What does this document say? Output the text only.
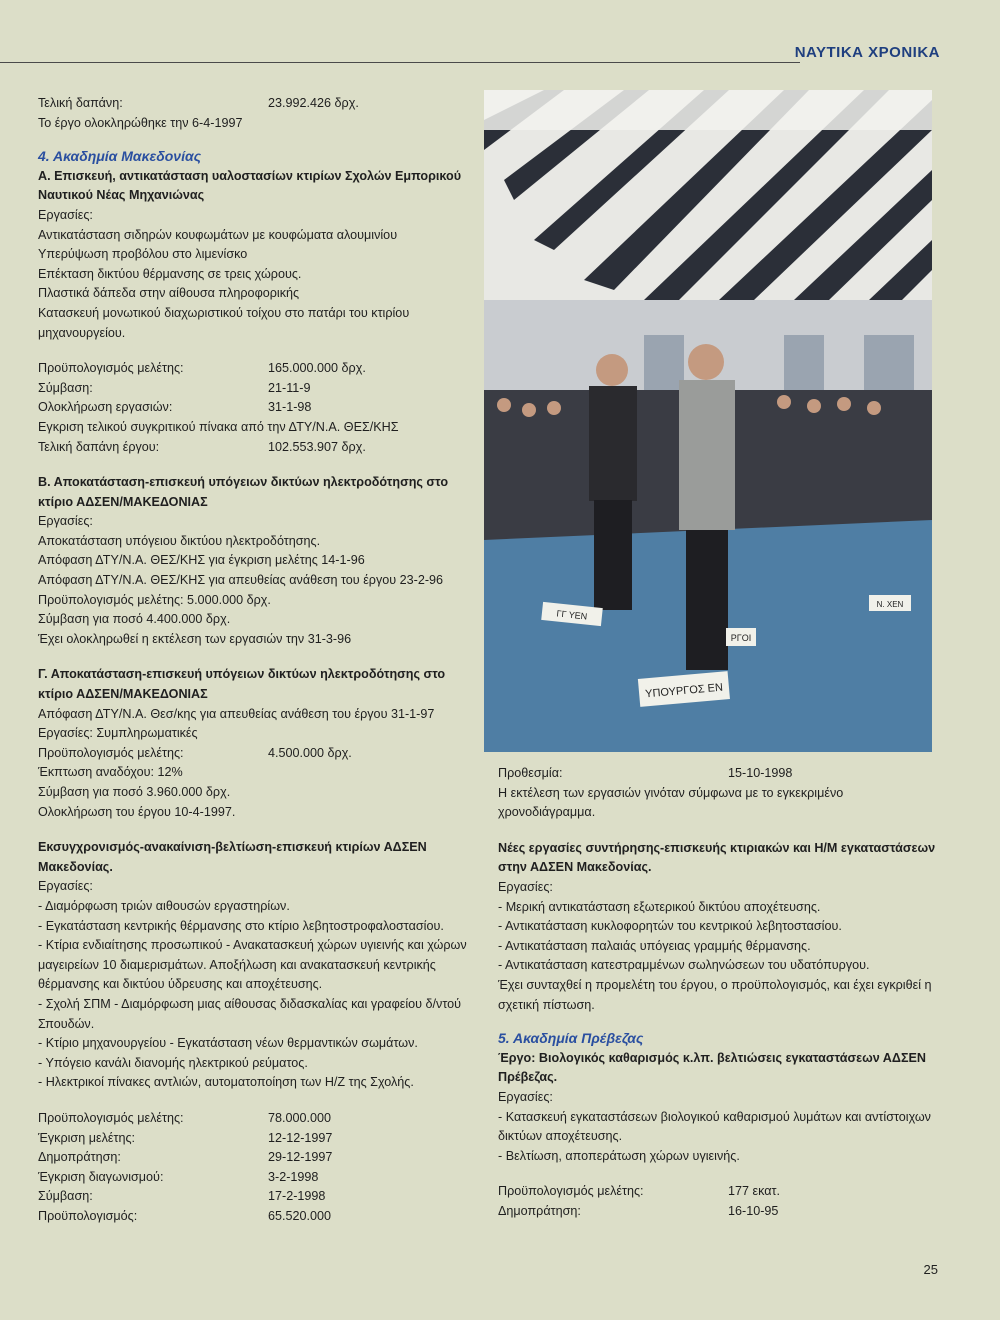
ΝΑΥΤΙΚΑ ΧΡΟΝΙΚΑ
Τελική δαπάνη:	23.992.426 δρχ.
Το έργο ολοκληρώθηκε την 6-4-1997
4. Ακαδημία Μακεδονίας
Α. Επισκευή, αντικατάσταση υαλοστασίων κτιρίων Σχολών Εμπορικού Ναυτικού Νέας Μηχανιώνας
Εργασίες:
Αντικατάσταση σιδηρών κουφωμάτων με κουφώματα αλουμινίου
Υπερύψωση προβόλου στο λιμενίσκο
Επέκταση δικτύου θέρμανσης σε τρεις χώρους.
Πλαστικά δάπεδα στην αίθουσα πληροφορικής
Κατασκευή μονωτικού διαχωριστικού τοίχου στο πατάρι του κτιρίου μηχανουργείου.
Προϋπολογισμός μελέτης:	165.000.000 δρχ.
Σύμβαση:	21-11-9
Ολοκλήρωση εργασιών:	31-1-98
Εγκριση τελικού συγκριτικού πίνακα από την ΔΤΥ/Ν.Α. ΘΕΣ/ΚΗΣ
Τελική δαπάνη έργου:	102.553.907 δρχ.
Β. Αποκατάσταση-επισκευή υπόγειων δικτύων ηλεκτροδότησης στο κτίριο ΑΔΣΕΝ/ΜΑΚΕΔΟΝΙΑΣ
Εργασίες:
Αποκατάσταση υπόγειου δικτύου ηλεκτροδότησης.
Απόφαση ΔΤΥ/Ν.Α. ΘΕΣ/ΚΗΣ για έγκριση μελέτης 14-1-96
Απόφαση ΔΤΥ/Ν.Α. ΘΕΣ/ΚΗΣ για απευθείας ανάθεση του έργου 23-2-96
Προϋπολογισμός μελέτης: 5.000.000 δρχ.
Σύμβαση για ποσό 4.400.000 δρχ.
Έχει ολοκληρωθεί η εκτέλεση των εργασιών την 31-3-96
Γ. Αποκατάσταση-επισκευή υπόγειων δικτύων ηλεκτροδότησης στο κτίριο ΑΔΣΕΝ/ΜΑΚΕΔΟΝΙΑΣ
Απόφαση ΔΤΥ/Ν.Α. Θεσ/κης για απευθείας ανάθεση του έργου 31-1-97
Εργασίες: Συμπληρωματικές
Προϋπολογισμός μελέτης:	4.500.000 δρχ.
Έκπτωση αναδόχου: 12%
Σύμβαση για ποσό 3.960.000 δρχ.
Ολοκλήρωση του έργου 10-4-1997.
Εκσυγχρονισμός-ανακαίνιση-βελτίωση-επισκευή κτιρίων ΑΔΣΕΝ Μακεδονίας.
Εργασίες:
- Διαμόρφωση τριών αιθουσών εργαστηρίων.
- Εγκατάσταση κεντρικής θέρμανσης στο κτίριο λεβητοστροφαλοστασίου.
- Κτίρια ενδιαίτησης προσωπικού - Ανακατασκευή χώρων υγιεινής και χώρων μαγειρείων 10 διαμερισμάτων. Αποξήλωση και ανακατασκευή κεντρικής θέρμανσης και δικτύου ύδρευσης και αποχέτευσης.
- Σχολή ΣΠΜ - Διαμόρφωση μιας αίθουσας διδασκαλίας και γραφείου δ/ντού Σπουδών.
- Κτίριο μηχανουργείου - Εγκατάσταση νέων θερμαντικών σωμάτων.
- Υπόγειο κανάλι διανομής ηλεκτρικού ρεύματος.
- Ηλεκτρικοί πίνακες αντλιών, αυτοματοποίηση των Η/Ζ της Σχολής.
Προϋπολογισμός μελέτης:	78.000.000
Έγκριση μελέτης:	12-12-1997
Δημοπράτηση:	29-12-1997
Έγκριση διαγωνισμού:	3-2-1998
Σύμβαση:	17-2-1998
Προϋπολογισμός:	65.520.000
ΥΠΟΥΡΓΟΣ ΕΝ
ΓΓ ΥΕΝ
ΡΓΟΙ
Ν. ΧΕΝ
Προθεσμία:	15-10-1998
Η εκτέλεση των εργασιών γινόταν σύμφωνα με το εγκεκριμένο χρονοδιάγραμμα.
Νέες εργασίες συντήρησης-επισκευής κτιριακών και Η/Μ εγκαταστάσεων στην ΑΔΣΕΝ Μακεδονίας.
Εργασίες:
- Μερική αντικατάσταση εξωτερικού δικτύου αποχέτευσης.
- Αντικατάσταση κυκλοφορητών του κεντρικού λεβητοστασίου.
- Αντικατάσταση παλαιάς υπόγειας γραμμής θέρμανσης.
- Αντικατάσταση κατεστραμμένων σωληνώσεων του υδατόπυργου.
Έχει συνταχθεί η προμελέτη του έργου, ο προϋπολογισμός, και έχει εγκριθεί η σχετική πίστωση.
5. Ακαδημία Πρέβεζας
Έργο: Βιολογικός καθαρισμός κ.λπ. βελτιώσεις εγκαταστάσεων ΑΔΣΕΝ Πρέβεζας.
Εργασίες:
- Κατασκευή εγκαταστάσεων βιολογικού καθαρισμού λυμάτων και αντίστοιχων δικτύων αποχέτευσης.
- Βελτίωση, αποπεράτωση χώρων υγιεινής.
Προϋπολογισμός μελέτης:	177 εκατ.
Δημοπράτηση:	16-10-95
25
